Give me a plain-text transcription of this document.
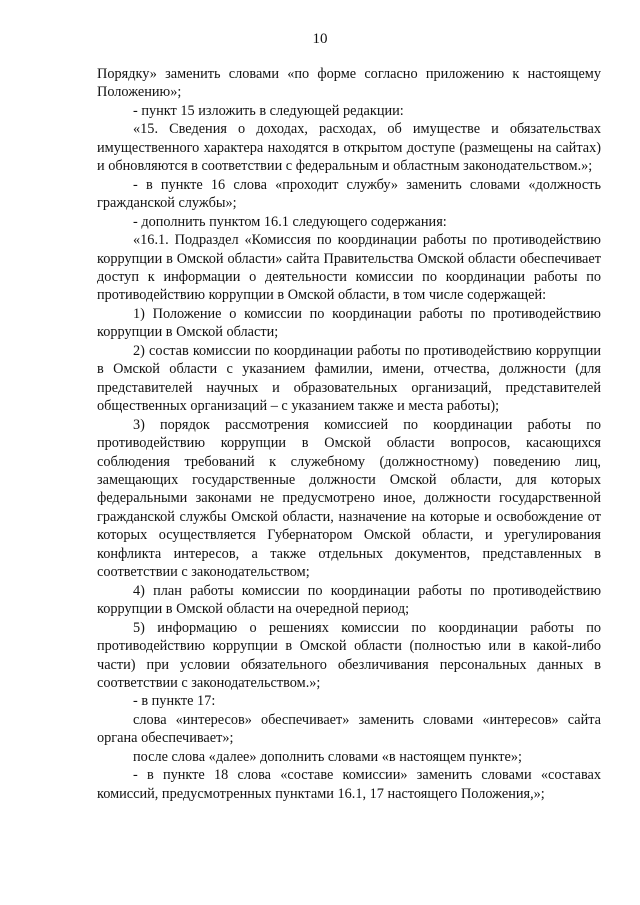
10

Порядку» заменить словами «по форме согласно приложению к настоящему Положению»;

- пункт 15 изложить в следующей редакции:

«15. Сведения о доходах, расходах, об имуществе и обязательствах имущественного характера находятся в открытом доступе (размещены на сайтах) и обновляются в соответствии с федеральным и областным законодательством.»;

- в пункте 16 слова «проходит службу» заменить словами «должность гражданской службы»;

- дополнить пунктом 16.1 следующего содержания:

«16.1. Подраздел «Комиссия по координации работы по противодействию коррупции в Омской области» сайта Правительства Омской области обеспечивает доступ к информации о деятельности комиссии по координации работы по противодействию коррупции в Омской области, в том числе содержащей:

1) Положение о комиссии по координации работы по противодействию коррупции в Омской области;

2) состав комиссии по координации работы по противодействию коррупции в Омской области с указанием фамилии, имени, отчества, должности (для представителей научных и образовательных организаций, представителей общественных организаций – с указанием также и места работы);

3) порядок рассмотрения комиссией по координации работы по противодействию коррупции в Омской области вопросов, касающихся соблюдения требований к служебному (должностному) поведению лиц, замещающих государственные должности Омской области, для которых федеральными законами не предусмотрено иное, должности государственной гражданской службы Омской области, назначение на которые и освобождение от которых осуществляется Губернатором Омской области, и урегулирования конфликта интересов, а также отдельных документов, представленных в соответствии с законодательством;

4) план работы комиссии по координации работы по противодействию коррупции в Омской области на очередной период;

5) информацию о решениях комиссии по координации работы по противодействию коррупции в Омской области (полностью или в какой-либо части) при условии обязательного обезличивания персональных данных в соответствии с законодательством.»;

- в пункте 17:

слова «интересов» обеспечивает» заменить словами «интересов» сайта органа обеспечивает»;

после слова «далее» дополнить словами «в настоящем пункте»;

- в пункте 18 слова «составе комиссии» заменить словами «составах комиссий, предусмотренных пунктами 16.1, 17 настоящего Положения,»;
